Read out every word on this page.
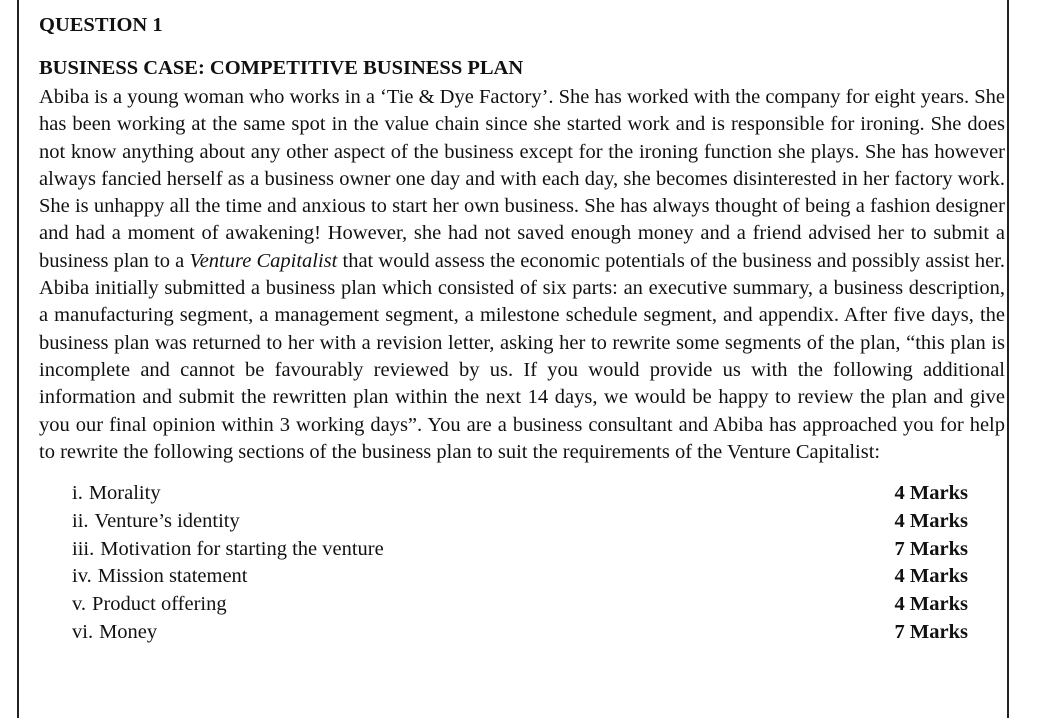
QUESTION 1
BUSINESS CASE: COMPETITIVE BUSINESS PLAN

Abiba is a young woman who works in a ‘Tie & Dye Factory’. She has worked with the company for eight years. She has been working at the same spot in the value chain since she started work and is responsible for ironing. She does not know anything about any other aspect of the business except for the ironing function she plays. She has however always fancied herself as a business owner one day and with each day, she becomes disinterested in her factory work. She is unhappy all the time and anxious to start her own business. She has always thought of being a fashion designer and had a moment of awakening! However, she had not saved enough money and a friend advised her to submit a business plan to a Venture Capitalist that would assess the economic potentials of the business and possibly assist her. Abiba initially submitted a business plan which consisted of six parts: an executive summary, a business description, a manufacturing segment, a management segment, a milestone schedule segment, and appendix. After five days, the business plan was returned to her with a revision letter, asking her to rewrite some segments of the plan, “this plan is incomplete and cannot be favourably reviewed by us. If you would provide us with the following additional information and submit the rewritten plan within the next 14 days, we would be happy to review the plan and give you our final opinion within 3 working days”. You are a business consultant and Abiba has approached you for help to rewrite the following sections of the business plan to suit the requirements of the Venture Capitalist:

i. Morality	4 Marks
ii. Venture’s identity	4 Marks
iii. Motivation for starting the venture	7 Marks
iv. Mission statement	4 Marks
v. Product offering	4 Marks
vi. Money	7 Marks
